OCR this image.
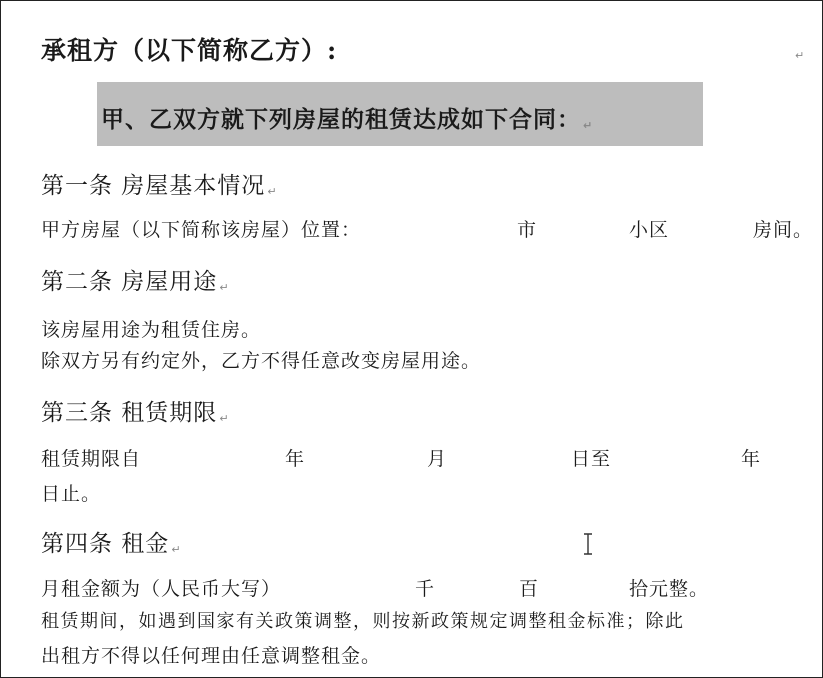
承租方（以下简称乙方）:	↵
甲、乙双方就下列房屋的租赁达成如下合同： ↵
第一条 房屋基本情况 ↵
甲方房屋（以下简称该房屋）位置：	市	小区	房间。
第二条 房屋用途 ↵
该房屋用途为租赁住房。
除双方另有约定外，乙方不得任意改变房屋用途。
第三条 租赁期限 ↵
租赁期限自	年	月	日至	年
日止。
第四条 租金 ↵
月租金额为（人民币大写）	千	百	拾元整。
租赁期间，如遇到国家有关政策调整，则按新政策规定调整租金标准；除此
出租方不得以任何理由任意调整租金。
